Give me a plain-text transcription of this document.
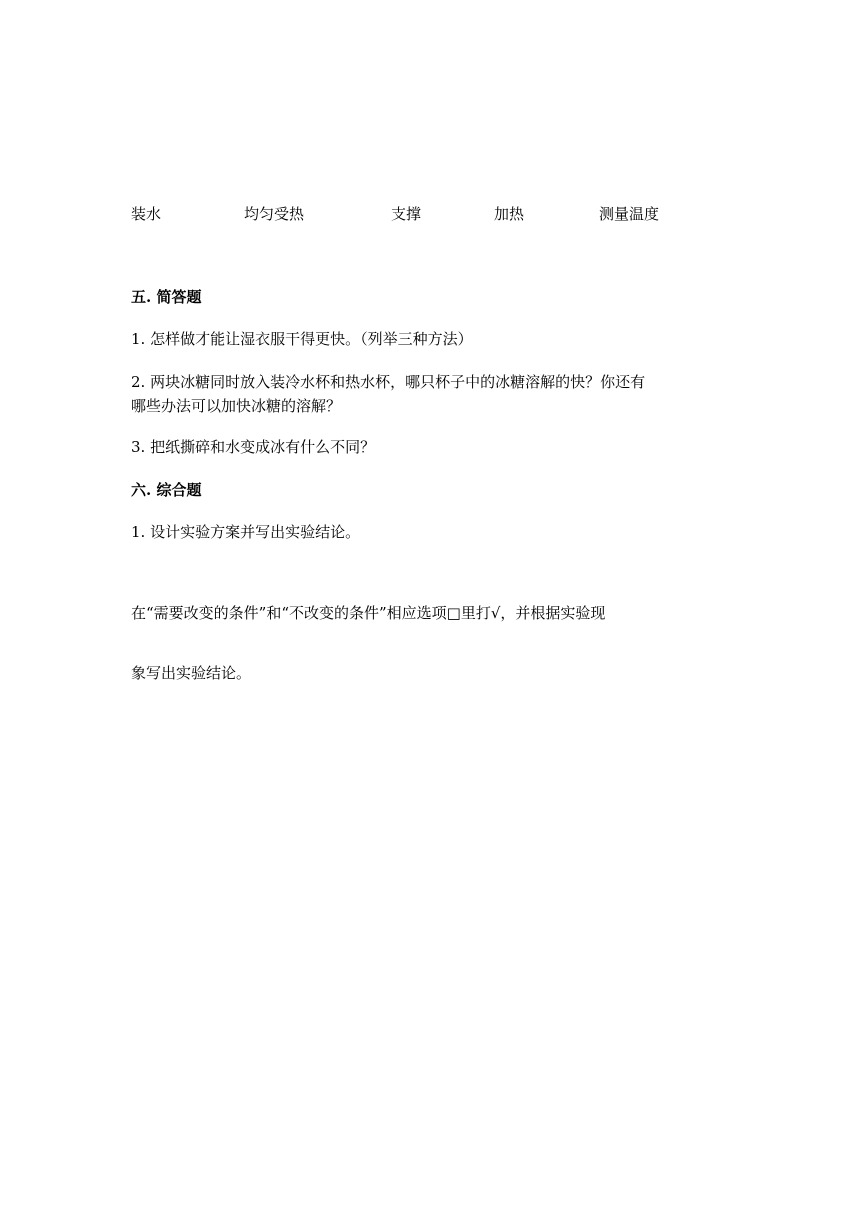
装水	均匀受热	支撑	加热	测量温度
五. 简答题
1. 怎样做才能让湿衣服干得更快。（列举三种方法）
2. 两块冰糖同时放入装冷水杯和热水杯，哪只杯子中的冰糖溶解的快？你还有
哪些办法可以加快冰糖的溶解？
3. 把纸撕碎和水变成冰有什么不同？
六. 综合题
1. 设计实验方案并写出实验结论。
在“需要改变的条件”和“不改变的条件”相应选项□里打√，并根据实验现
象写出实验结论。
